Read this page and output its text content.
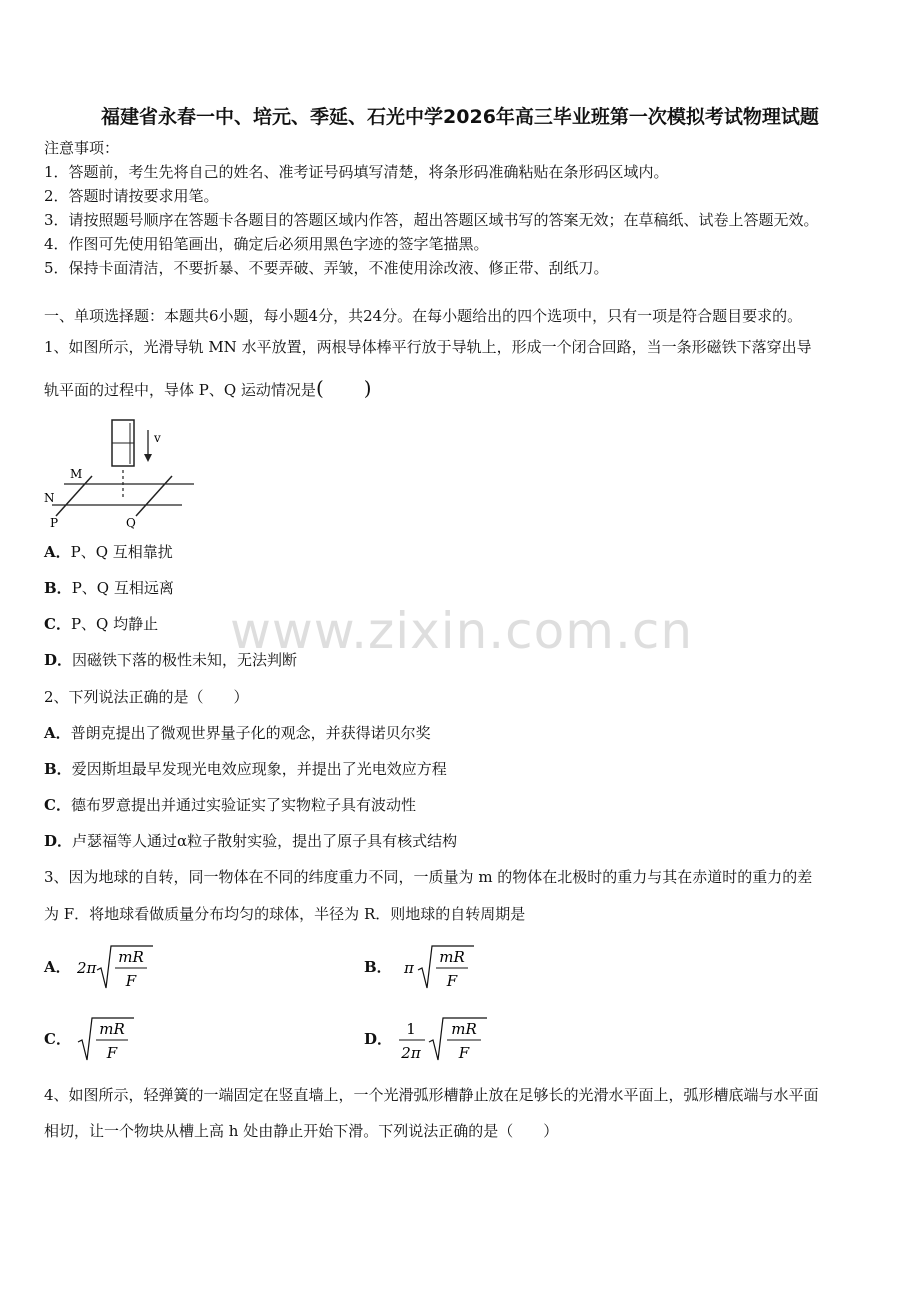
福建省永春一中、培元、季延、石光中学2026年高三毕业班第一次模拟考试物理试题
注意事项：
1．答题前，考生先将自己的姓名、准考证号码填写清楚，将条形码准确粘贴在条形码区域内。
2．答题时请按要求用笔。
3．请按照题号顺序在答题卡各题目的答题区域内作答，超出答题区域书写的答案无效；在草稿纸、试卷上答题无效。
4．作图可先使用铅笔画出，确定后必须用黑色字迹的签字笔描黑。
5．保持卡面清洁，不要折暴、不要弄破、弄皱，不准使用涂改液、修正带、刮纸刀。
一、单项选择题：本题共6小题，每小题4分，共24分。在每小题给出的四个选项中，只有一项是符合题目要求的。
1、如图所示，光滑导轨 MN 水平放置，两根导体棒平行放于导轨上，形成一个闭合回路，当一条形磁铁下落穿出导
轨平面的过程中，导体 P、Q 运动情况是(　　)
v
M
N
P	Q
A．P、Q 互相靠扰
B．P、Q 互相远离
C．P、Q 均静止
D．因磁铁下落的极性未知，无法判断
www.zixin.com.cn
2、下列说法正确的是（　　）
A．普朗克提出了微观世界量子化的观念，并获得诺贝尔奖
B．爱因斯坦最早发现光电效应现象，并提出了光电效应方程
C．德布罗意提出并通过实验证实了实物粒子具有波动性
D．卢瑟福等人通过α粒子散射实验，提出了原子具有核式结构
3、因为地球的自转，同一物体在不同的纬度重力不同，一质量为 m 的物体在北极时的重力与其在赤道时的重力的差
为 F．将地球看做质量分布均匀的球体，半径为 R．则地球的自转周期是
A． 2π
mR
F
B． π
mR
F
C．
mR
F
D．
1
2π
mR
F
4、如图所示，轻弹簧的一端固定在竖直墙上，一个光滑弧形槽静止放在足够长的光滑水平面上，弧形槽底端与水平面
相切，让一个物块从槽上高 h 处由静止开始下滑。下列说法正确的是（　　）
